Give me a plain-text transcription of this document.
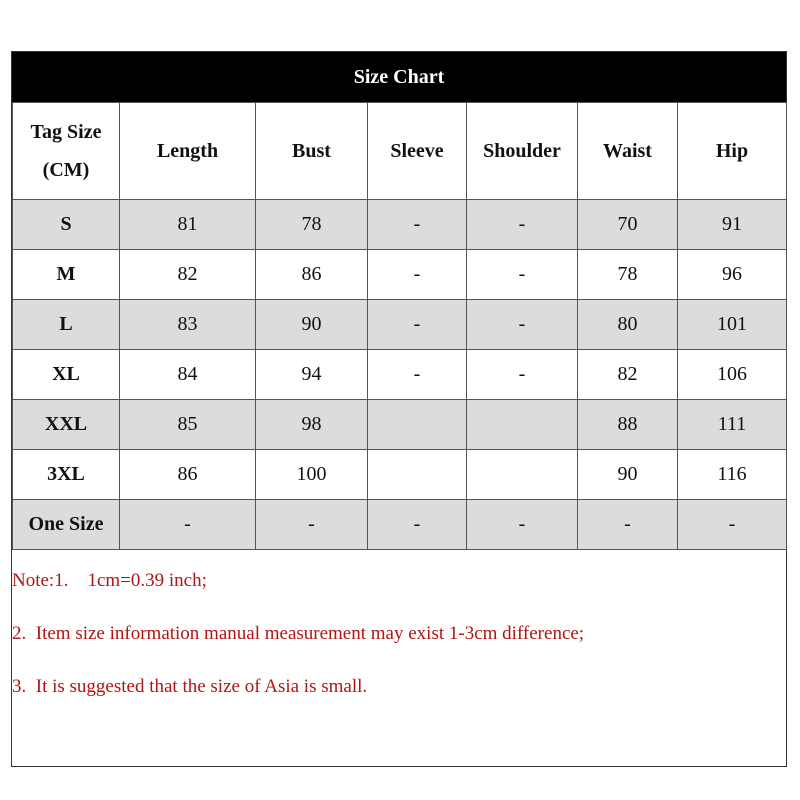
Size Chart
Tag Size
(CM)	Length	Bust	Sleeve	Shoulder	Waist	Hip
S	81	78	-	-	70	91
M	82	86	-	-	78	96
L	83	90	-	-	80	101
XL	84	94	-	-	82	106
XXL	85	98			88	111
3XL	86	100			90	116
One Size	-	-	-	-	-	-
Note:1.    1cm=0.39 inch;
2.  Item size information manual measurement may exist 1-3cm difference;
3.  It is suggested that the size of Asia is small.
